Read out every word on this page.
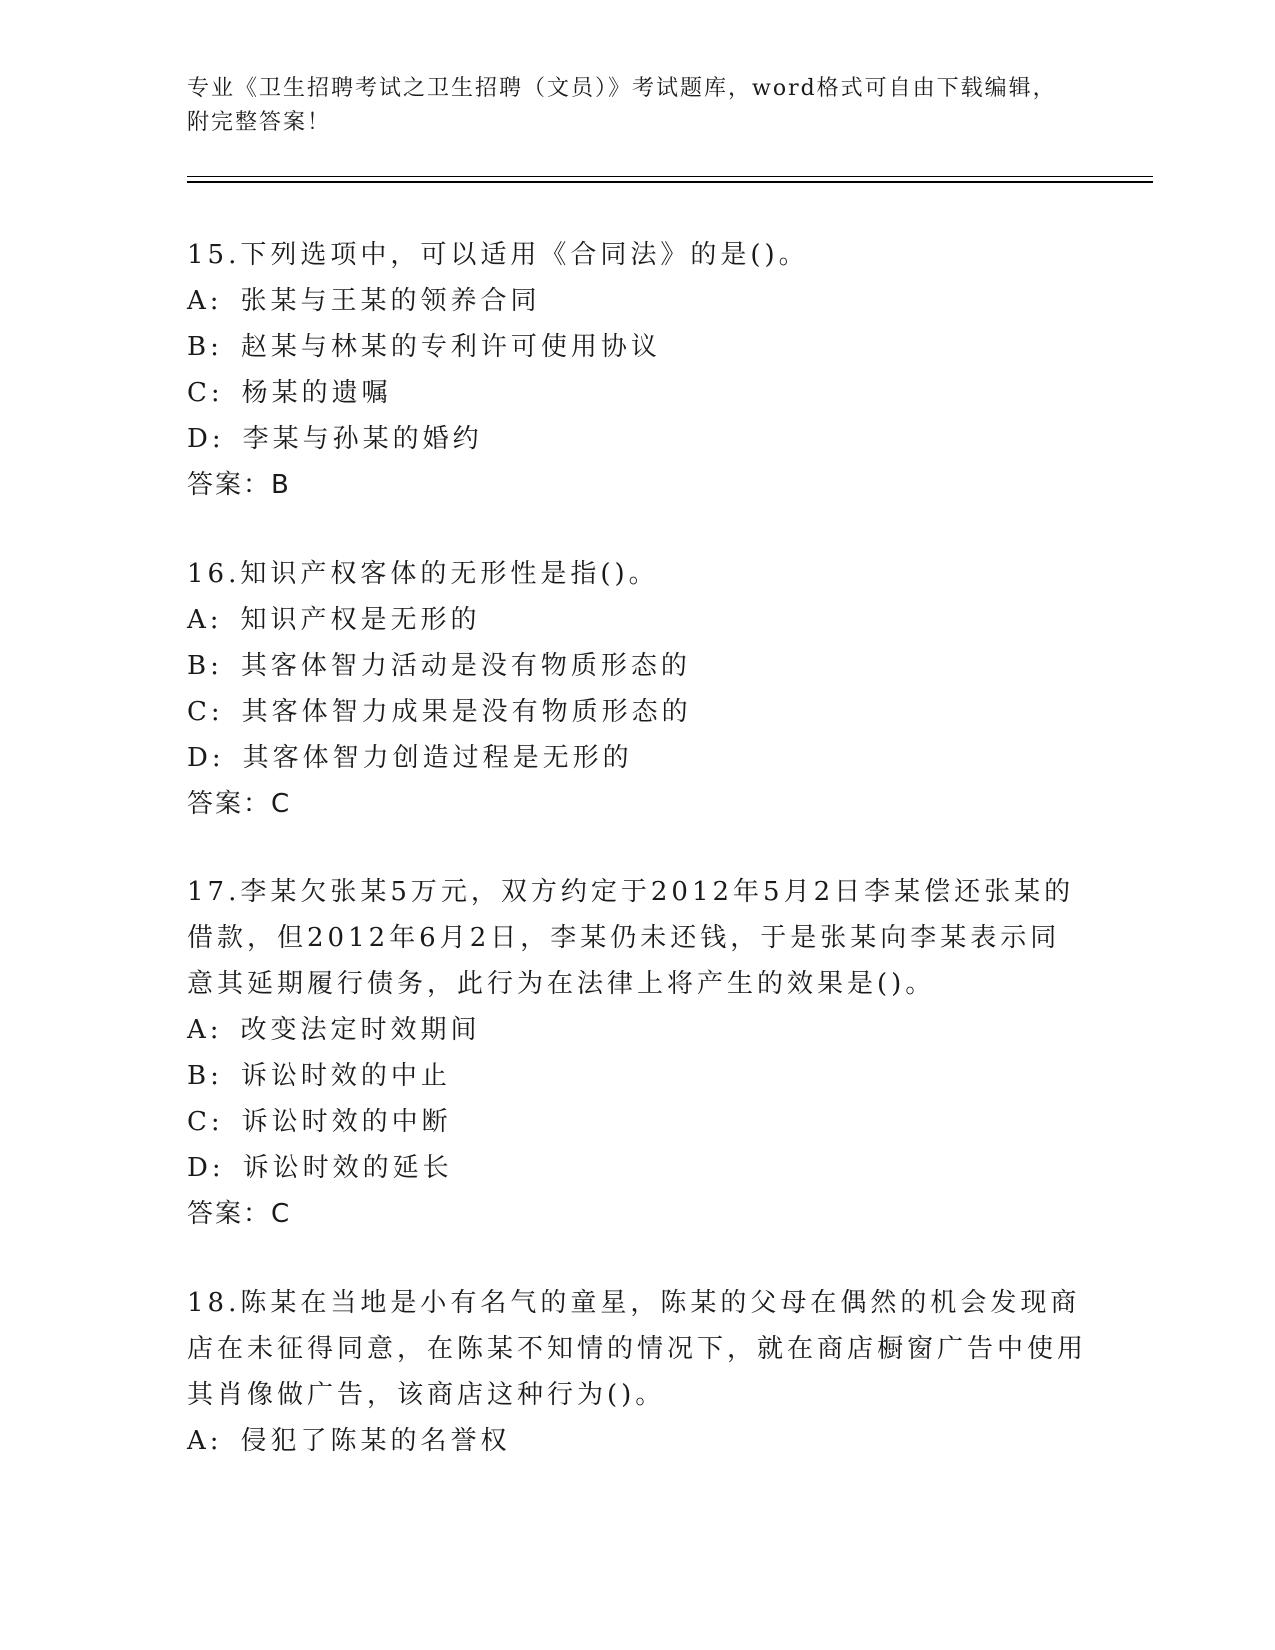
专业《卫生招聘考试之卫生招聘（文员）》考试题库，word格式可自由下载编辑，附完整答案！
15.下列选项中，可以适用《合同法》的是()。
A: 张某与王某的领养合同
B: 赵某与林某的专利许可使用协议
C: 杨某的遗嘱
D: 李某与孙某的婚约
答案：B
16.知识产权客体的无形性是指()。
A: 知识产权是无形的
B: 其客体智力活动是没有物质形态的
C: 其客体智力成果是没有物质形态的
D: 其客体智力创造过程是无形的
答案：C
17.李某欠张某5万元，双方约定于2012年5月2日李某偿还张某的借款，但2012年6月2日，李某仍未还钱，于是张某向李某表示同意其延期履行债务，此行为在法律上将产生的效果是()。
A: 改变法定时效期间
B: 诉讼时效的中止
C: 诉讼时效的中断
D: 诉讼时效的延长
答案：C
18.陈某在当地是小有名气的童星，陈某的父母在偶然的机会发现商店在未征得同意，在陈某不知情的情况下，就在商店橱窗广告中使用其肖像做广告，该商店这种行为()。
A: 侵犯了陈某的名誉权
